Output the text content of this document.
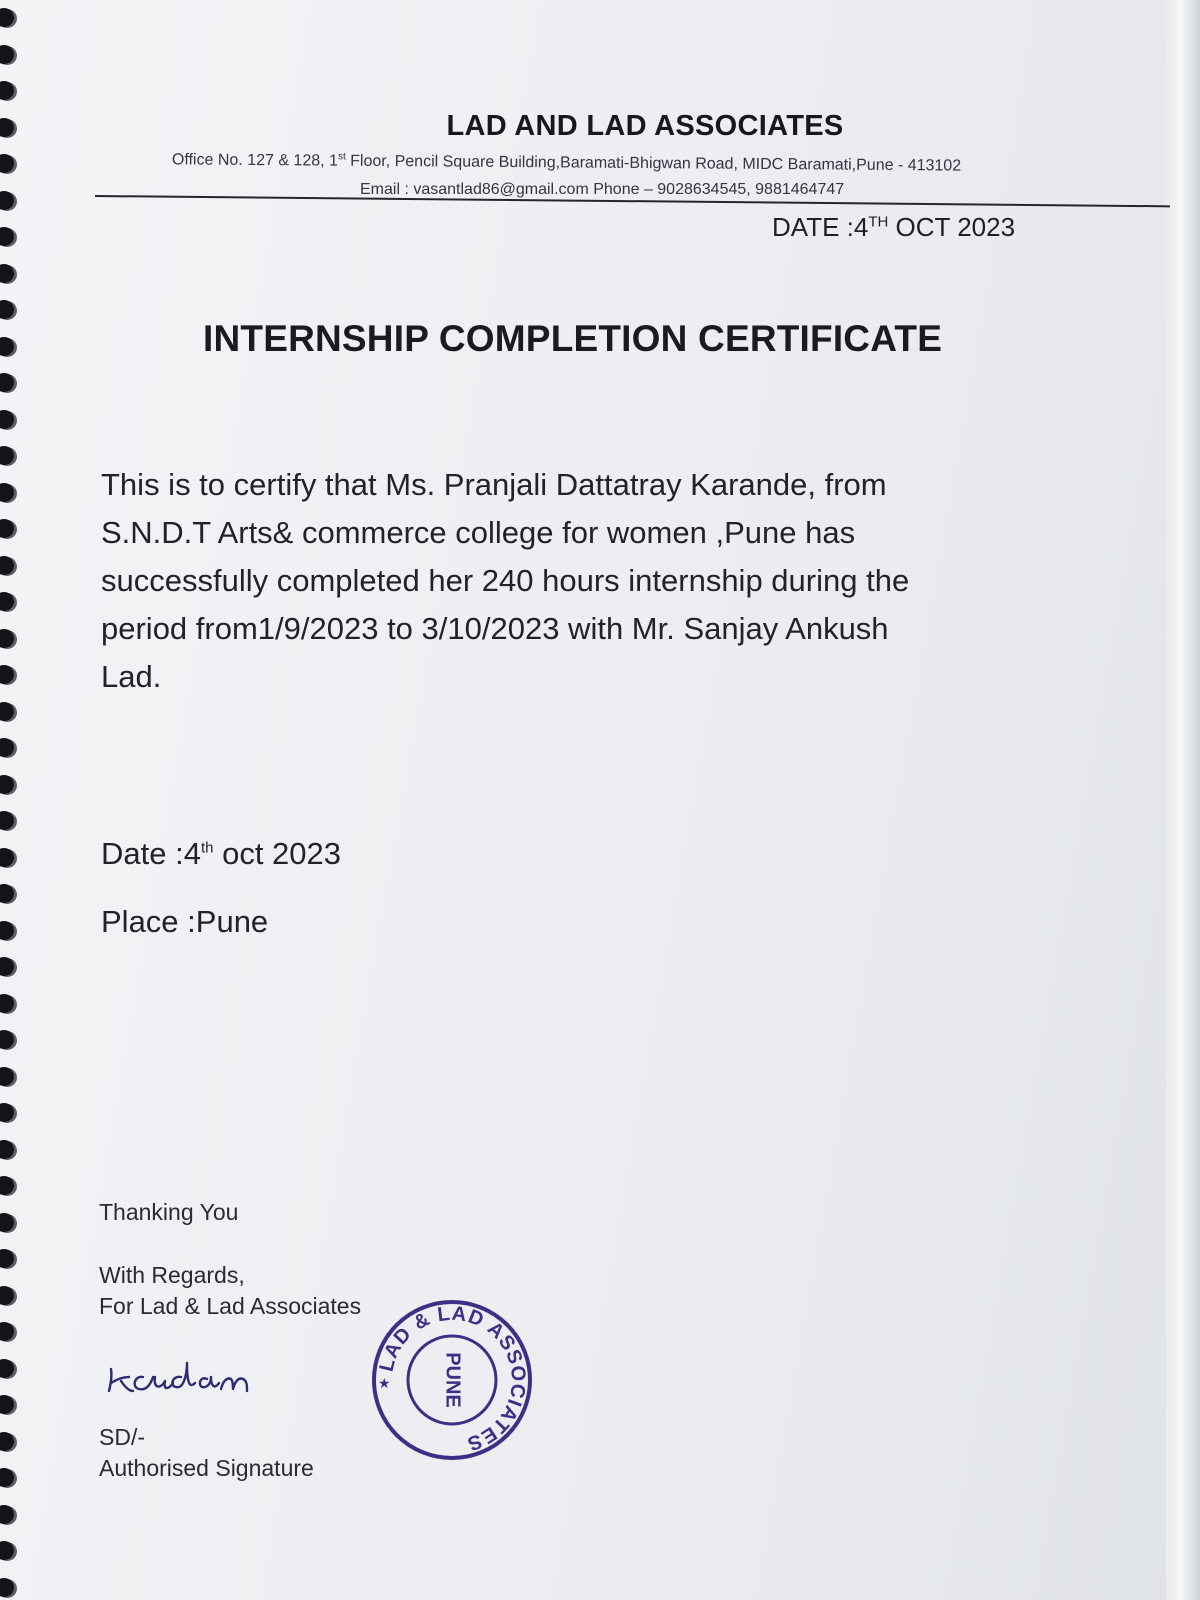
LAD AND LAD ASSOCIATES
Office No. 127 & 128, 1st Floor, Pencil Square Building,Baramati-Bhigwan Road, MIDC Baramati,Pune - 413102
Email : vasantlad86@gmail.com Phone – 9028634545, 9881464747
DATE :4TH OCT 2023
INTERNSHIP COMPLETION CERTIFICATE
This is to certify that Ms. Pranjali Dattatray Karande, from
S.N.D.T Arts& commerce college for women ,Pune has
successfully completed her 240 hours internship during the
period from1/9/2023 to 3/10/2023 with Mr. Sanjay Ankush
Lad.
Date :4th oct 2023
Place :Pune
Thanking You
With Regards,
For Lad & Lad Associates
SD/-
Authorised Signature
LAD & LAD ASSOCIATES
PUNE
★
